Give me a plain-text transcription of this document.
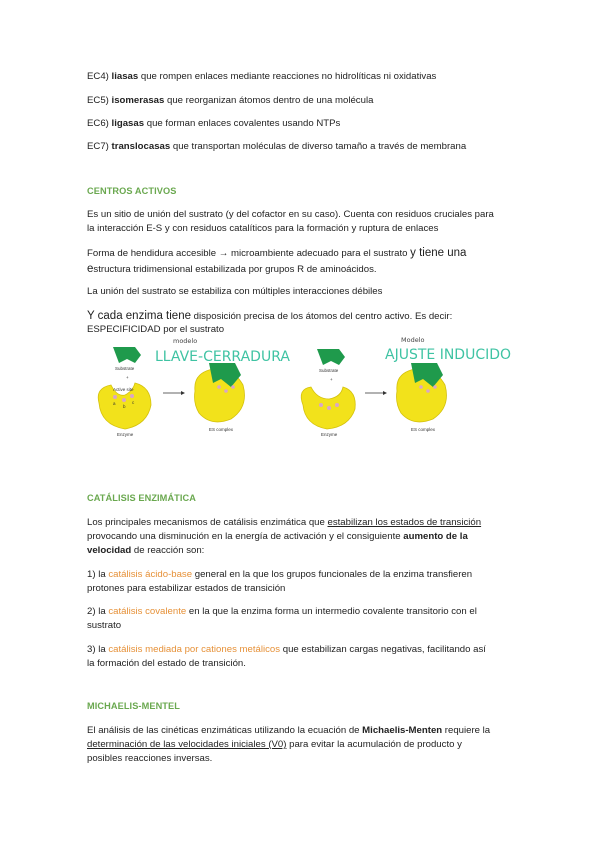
EC4) liasas que rompen enlaces mediante reacciones no hidrolíticas ni oxidativas
EC5) isomerasas que reorganizan átomos dentro de una molécula
EC6) ligasas que forman enlaces covalentes usando NTPs
EC7) translocasas que transportan moléculas de diverso tamaño a través de membrana
CENTROS ACTIVOS
Es un sitio de unión del sustrato (y del cofactor en su caso). Cuenta con residuos cruciales para
la interacción E-S y con residuos catalíticos para la formación y ruptura de enlaces
Forma de hendidura accesible → microambiente adecuado para el sustrato y tiene una
estructura tridimensional estabilizada por grupos R de aminoácidos.
La unión del sustrato se estabiliza con múltiples interacciones débiles
Y cada enzima tiene disposición precisa de los átomos del centro activo. Es decir:
ESPECIFICIDAD por el sustrato
Substrate
+
Active site
a
b
c
Enzyme
ES complex
modelo
LLAVE-CERRADURA
Substrate
+
Enzyme
ES complex
Modelo
AJUSTE INDUCIDO
CATÁLISIS ENZIMÁTICA
Los principales mecanismos de catálisis enzimática que estabilizan los estados de transición
provocando una disminución en la energía de activación y el consiguiente aumento de la
velocidad de reacción son:
1) la catálisis ácido-base general en la que los grupos funcionales de la enzima transfieren
protones para estabilizar estados de transición
2) la catálisis covalente en la que la enzima forma un intermedio covalente transitorio con el
sustrato
3) la catálisis mediada por cationes metálicos que estabilizan cargas negativas, facilitando así
la formación del estado de transición.
MICHAELIS-MENTEL
El análisis de las cinéticas enzimáticas utilizando la ecuación de Michaelis-Menten requiere la
determinación de las velocidades iniciales (V0) para evitar la acumulación de producto y
posibles reacciones inversas.
